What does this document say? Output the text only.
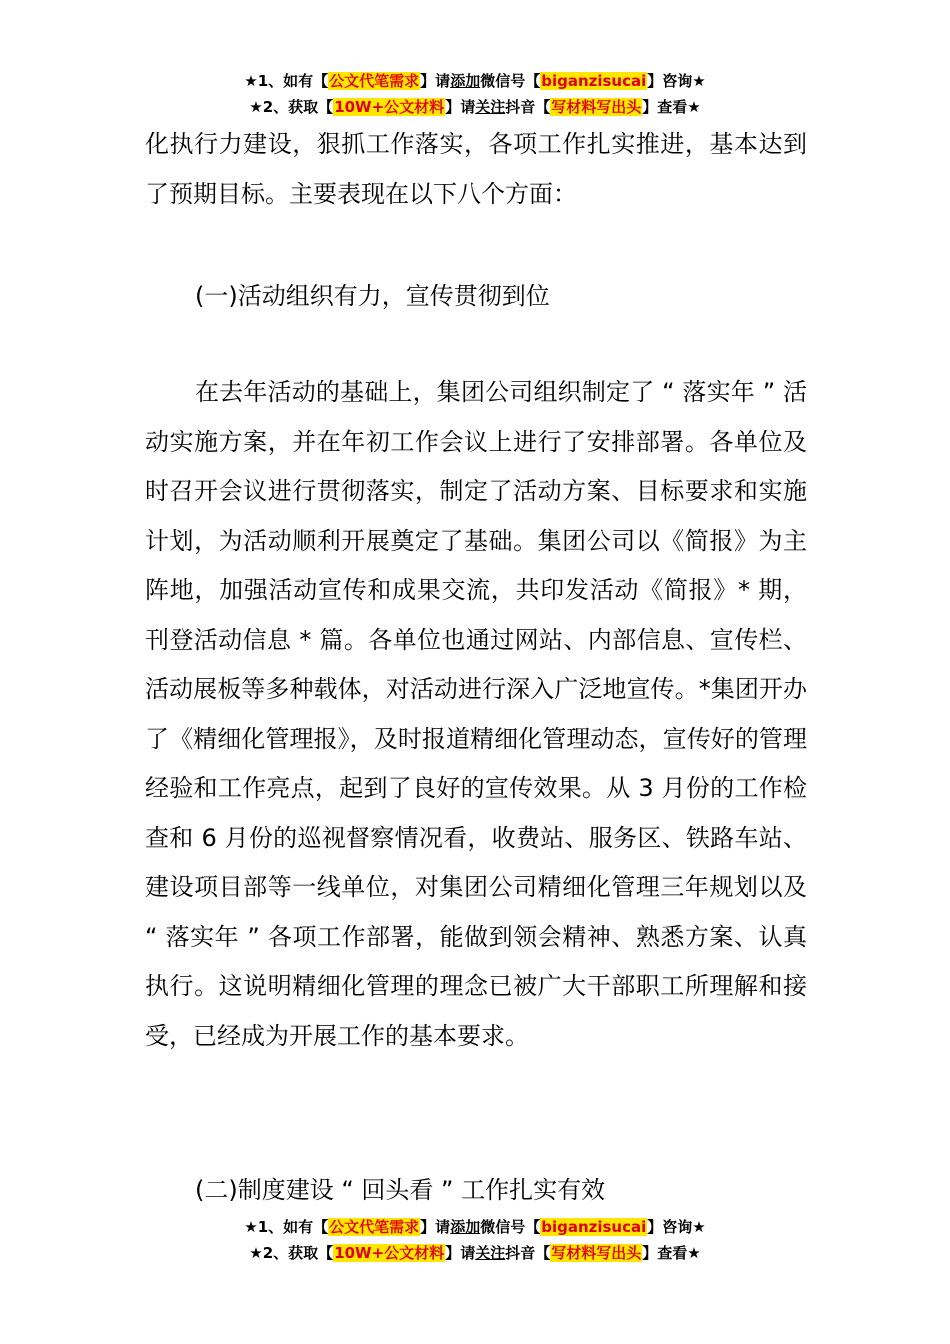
★1、如有【公文代笔需求】请添加微信号【biganzisucai】咨询★
★2、获取【10W+公文材料】请关注抖音【写材料写出头】查看★
化执行力建设，狠抓工作落实，各项工作扎实推进，基本达到了预期目标。主要表现在以下八个方面：
(一)活动组织有力，宣传贯彻到位
在去年活动的基础上，集团公司组织制定了 “ 落实年 ” 活动实施方案，并在年初工作会议上进行了安排部署。各单位及时召开会议进行贯彻落实，制定了活动方案、目标要求和实施计划，为活动顺利开展奠定了基础。集团公司以《简报》为主阵地，加强活动宣传和成果交流，共印发活动《简报》* 期，刊登活动信息 * 篇。各单位也通过网站、内部信息、宣传栏、活动展板等多种载体，对活动进行深入广泛地宣传。*集团开办了《精细化管理报》，及时报道精细化管理动态，宣传好的管理经验和工作亮点，起到了良好的宣传效果。从 3 月份的工作检查和 6 月份的巡视督察情况看，收费站、服务区、铁路车站、建设项目部等一线单位，对集团公司精细化管理三年规划以及 “ 落实年 ” 各项工作部署，能做到领会精神、熟悉方案、认真执行。这说明精细化管理的理念已被广大干部职工所理解和接受，已经成为开展工作的基本要求。
(二)制度建设 “ 回头看 ” 工作扎实有效
★1、如有【公文代笔需求】请添加微信号【biganzisucai】咨询★
★2、获取【10W+公文材料】请关注抖音【写材料写出头】查看★
